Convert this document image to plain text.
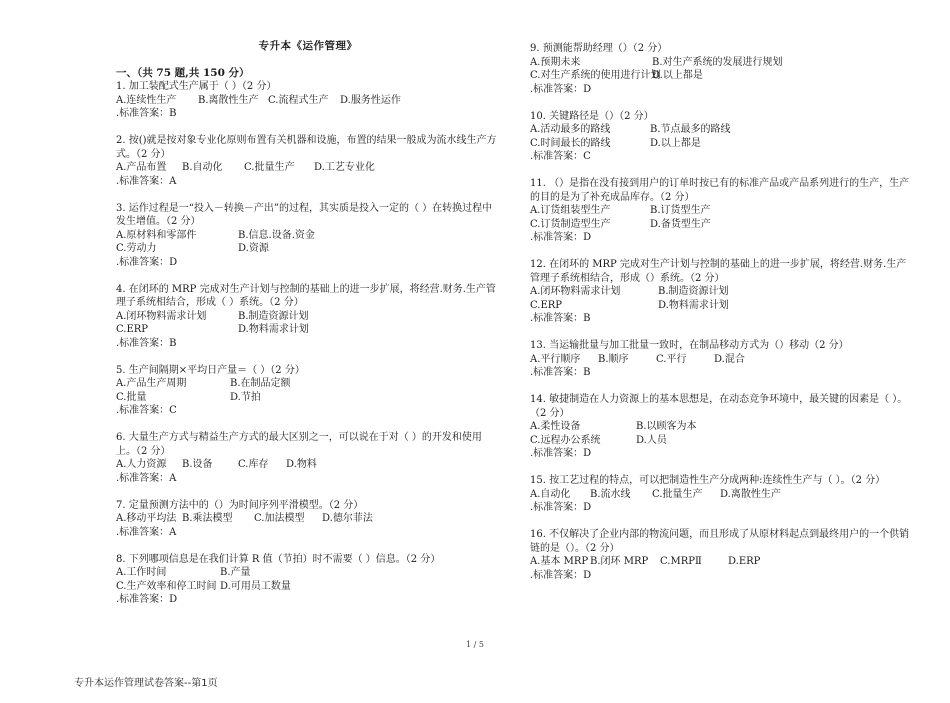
专升本《运作管理》
一、（共 75 题,共 150 分）
1. 加工装配式生产属于（ ）（2 分）
A.连续性生产	B.离散性生产 C.流程式生产	D.服务性运作
.标准答案：B
2. 按()就是按对象专业化原则布置有关机器和设施，布置的结果一般成为流水线生产方式。（2 分）
A.产品布置	B.自动化	C.批量生产	D.工艺专业化
.标准答案：A
3. 运作过程是一“投入－转换－产出”的过程，其实质是投入一定的（ ）在转换过程中发生增值。（2 分）
A.原材料和零部件	B.信息.设备.资金
C.劳动力	D.资源
.标准答案：D
4. 在闭环的 MRP 完成对生产计划与控制的基础上的进一步扩展，将经营.财务.生产管理子系统相结合，形成（ ）系统。（2 分）
A.闭环物料需求计划	B.制造资源计划
C.ERP	D.物料需求计划
.标准答案：B
5. 生产间隔期×平均日产量＝（ ）（2 分）
A.产品生产周期	B.在制品定额
C.批量	D.节拍
.标准答案：C
6. 大量生产方式与精益生产方式的最大区别之一，可以说在于对（ ）的开发和使用上。（2 分）
A.人力资源	B.设备	C.库存	D.物料
.标准答案：A
7. 定量预测方法中的（）为时间序列平滑模型。（2 分）
A.移动平均法 B.乘法模型	C.加法模型	D.德尔菲法
.标准答案：A
8. 下列哪项信息是在我们计算 R 值（节拍）时不需要（ ）信息。（2 分）
A.工作时间	B.产量
C.生产效率和停工时间 D.可用员工数量
.标准答案：D
9. 预测能帮助经理（）（2 分）
A.预期未来	B.对生产系统的发展进行规划
C.对生产系统的使用进行计划
D.以上都是
.标准答案：D
10. 关键路径是（）（2 分）
A.活动最多的路线	B.节点最多的路线
C.时间最长的路线	D.以上都是
.标准答案：C
11. （）是指在没有接到用户的订单时按已有的标准产品或产品系列进行的生产，生产的目的是为了补充成品库存。（2 分）
A.订货组装型生产	B.订货型生产
C.订货制造型生产	D.备货型生产
.标准答案：D
12. 在闭环的 MRP 完成对生产计划与控制的基础上的进一步扩展，将经营.财务.生产管理子系统相结合，形成（）系统。（2 分）
A.闭环物料需求计划	B.制造资源计划
C.ERP	D.物料需求计划
.标准答案：B
13. 当运输批量与加工批量一致时，在制品移动方式为（）移动（2 分）
A.平行顺序	B.顺序	C.平行	D.混合
.标准答案：B
14. 敏捷制造在人力资源上的基本思想是，在动态竞争环境中，最关键的因素是（ ）。（2 分）
A.柔性设备	B.以顾客为本
C.远程办公系统	D.人员
.标准答案：D
15. 按工艺过程的特点，可以把制造性生产分成两种:连续性生产与（ ）。（2 分）
A.自动化	B.流水线	C.批量生产	D.离散性生产
.标准答案：D
16. 不仅解决了企业内部的物流问题，而且形成了从原材料起点到最终用户的一个供销链的是（）。（2 分）
A.基本 MRP B.闭环 MRP	C.MRPⅡ	D.ERP
.标准答案：D
1 / 5
专升本运作管理试卷答案--第1页
